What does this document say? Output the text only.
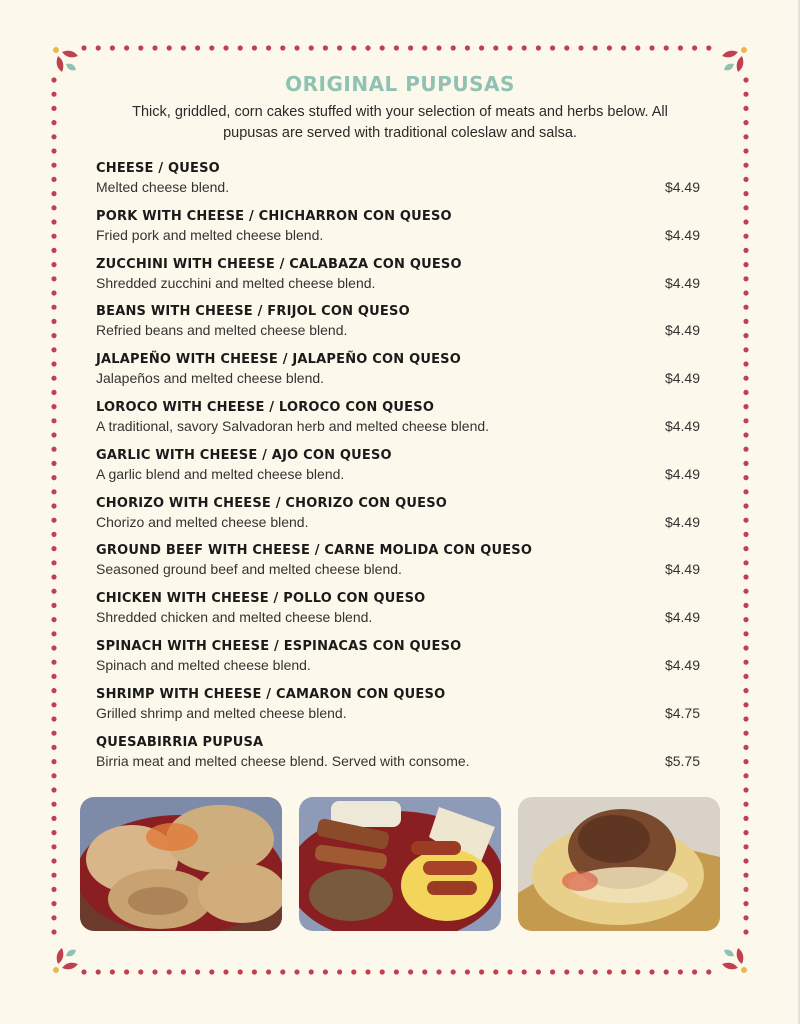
ORIGINAL PUPUSAS
Thick, griddled, corn cakes stuffed with your selection of meats and herbs below. All pupusas are served with traditional coleslaw and salsa.
CHEESE / QUESO
Melted cheese blend.	$4.49
PORK WITH CHEESE / CHICHARRON CON QUESO
Fried pork and melted cheese blend.	$4.49
ZUCCHINI WITH CHEESE / CALABAZA CON QUESO
Shredded zucchini and melted cheese blend.	$4.49
BEANS WITH CHEESE / FRIJOL CON QUESO
Refried beans and melted cheese blend.	$4.49
JALAPEÑO WITH CHEESE / JALAPEÑO CON QUESO
Jalapeños and melted cheese blend.	$4.49
LOROCO WITH CHEESE / LOROCO CON QUESO
A traditional, savory Salvadoran herb and melted cheese blend.	$4.49
GARLIC WITH CHEESE / AJO CON QUESO
A garlic blend and melted cheese blend.	$4.49
CHORIZO WITH CHEESE / CHORIZO CON QUESO
Chorizo and melted cheese blend.	$4.49
GROUND BEEF WITH CHEESE / CARNE MOLIDA CON QUESO
Seasoned ground beef and melted cheese blend.	$4.49
CHICKEN WITH CHEESE / POLLO CON QUESO
Shredded chicken and melted cheese blend.	$4.49
SPINACH WITH CHEESE / ESPINACAS CON QUESO
Spinach and melted cheese blend.	$4.49
SHRIMP WITH CHEESE / CAMARON CON QUESO
Grilled shrimp and melted cheese blend.	$4.75
QUESABIRRIA PUPUSA
Birria meat and melted cheese blend. Served with consome.	$5.75
